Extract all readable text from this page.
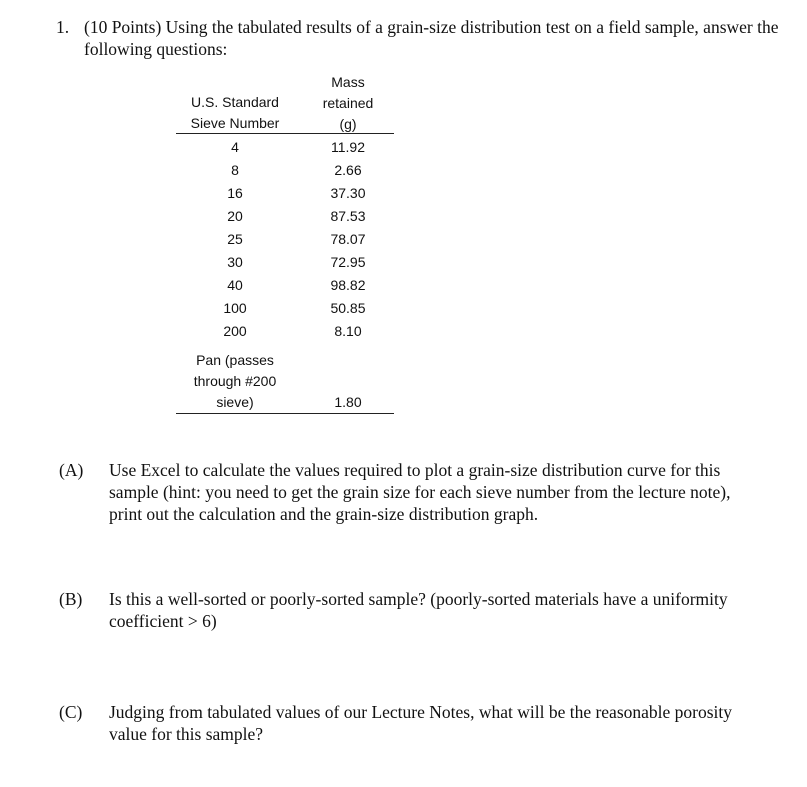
1. (10 Points) Using the tabulated results of a grain-size distribution test on a field sample, answer the following questions:
U.S. Standard
Sieve Number
Mass
retained
(g)
4	11.92
8	2.66
16	37.30
20	87.53
25	78.07
30	72.95
40	98.82
100	50.85
200	8.10
Pan (passes
through #200
sieve)	1.80
(A) Use Excel to calculate the values required to plot a grain-size distribution curve for this sample (hint: you need to get the grain size for each sieve number from the lecture note), print out the calculation and the grain-size distribution graph.
(B) Is this a well-sorted or poorly-sorted sample? (poorly-sorted materials have a uniformity coefficient > 6)
(C) Judging from tabulated values of our Lecture Notes, what will be the reasonable porosity value for this sample?
